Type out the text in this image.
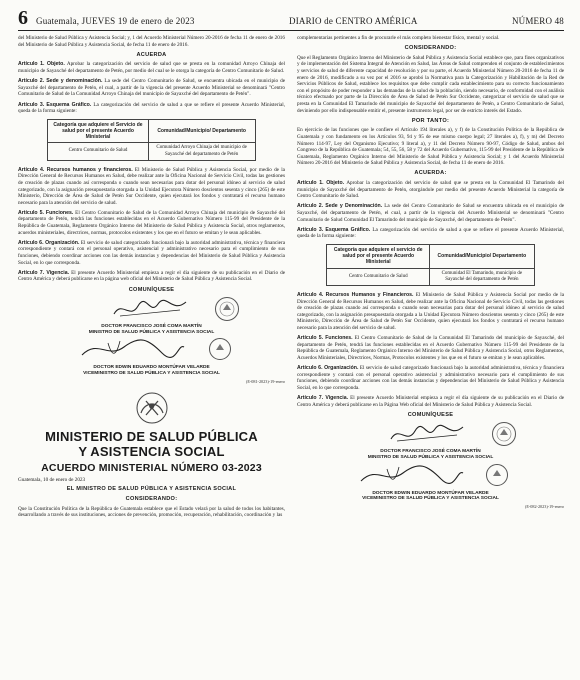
6 Guatemala, JUEVES 19 de enero de 2023	DIARIO de CENTRO AMÉRICA	NÚMERO 48

del Ministerio de Salud Pública y Asistencia Social; y, 1 del Acuerdo Ministerial Número 20-2016 de fecha 11 de enero de 2016 del Ministerio de Salud Pública y Asistencia Social, de fecha 11 de enero de 2016.

ACUERDA

Artículo 1. Objeto. Aprobar la categorización del servicio de salud que se presta en la comunidad Arroyo Chinaja del municipio de Sayaxché del departamento de Petén, por medio del cual se le otorga la categoría de Centro Comunitario de Salud.

Artículo 2. Sede y denominación. La sede del Centro Comunitario de Salud, se encuentra ubicada en el municipio de Sayaxché del departamento de Petén, el cual, a partir de la vigencia del presente Acuerdo Ministerial se denominará "Centro Comunitario de Salud de la Comunidad Arroyo Chinaja del municipio de Sayaxché del departamento de Petén".

Artículo 3. Esquema Gráfico. La categorización del servicio de salud a que se refiere el presente Acuerdo Ministerial, queda de la forma siguiente:

Categoría que adquiere el Servicio de salud por el presente Acuerdo Ministerial	Comunidad/Municipio/ Departamento
Centro Comunitario de Salud	Comunidad Arroyo Chinaja del municipio de Sayaxché del departamento de Petén

Artículo 4. Recursos humanos y financieros. El Ministerio de Salud Pública y Asistencia Social, por medio de la Dirección General de Recursos Humanos en Salud, debe realizar ante la Oficina Nacional de Servicio Civil, todas las gestiones de creación de plazas cuando así corresponda o cuando sean necesarias para dotar del personal idóneo al servicio de salud categorizado, con la asignación presupuestaria otorgada a la Unidad Ejecutora Número doscientos sesenta y cinco (265) de este Ministerio, Dirección de Área de Salud de Petén Sur Occidente, quien ejecutará los fondos y contratará el recurso humano necesario para la atención del servicio de salud.

Artículo 5. Funciones. El Centro Comunitario de Salud de la Comunidad Arroyo Chinaja del municipio de Sayaxché del departamento de Petén, tendrá las funciones establecidas en el Acuerdo Gubernativo Número 115-99 del Presidente de la República de Guatemala, Reglamento Orgánico Interno del Ministerio de Salud Pública y Asistencia Social, otros reglamentos, acuerdos ministeriales, directrices, normas, protocolos existentes y los que en el futuro se emitan y le sean aplicables.

Artículo 6. Organización. El servicio de salud categorizado funcionará bajo la autoridad administrativa, técnica y financiera correspondiente y contará con el personal operativo, asistencial y administrativo necesario para el cumplimiento de sus funciones, debiendo coordinar acciones con las demás instancias y dependencias del Ministerio de Salud Pública y Asistencia Social, en lo que corresponda.

Artículo 7. Vigencia. El presente Acuerdo Ministerial empieza a regir el día siguiente de su publicación en el Diario de Centro América y deberá publicarse en la página web oficial del Ministerio de Salud Pública y Asistencia Social.

COMUNÍQUESE
DOCTOR FRANCISCO JOSÉ COMA MARTÍN
MINISTRO DE SALUD PÚBLICA Y ASISTENCIA SOCIAL
DOCTOR EDWIN EDUARDO MONTÚFAR VELARDE
VICEMINISTRO DE SALUD PÚBLICA Y ASISTENCIA SOCIAL
(E-081-2023)-19-enero
MINISTERIO DE SALUD PÚBLICA
Y ASISTENCIA SOCIAL
ACUERDO MINISTERIAL NÚMERO 03-2023
Guatemala, 10 de enero de 2023
EL MINISTRO DE SALUD PÚBLICA Y ASISTENCIA SOCIAL
CONSIDERANDO:

Que la Constitución Política de la República de Guatemala establece que el Estado velará por la salud de todos los habitantes, desarrollando a través de sus instituciones, acciones de prevención, promoción, recuperación, rehabilitación, coordinación y las

complementarias pertinentes a fin de procurarle el más completo bienestar físico, mental y social.

CONSIDERANDO:

Que el Reglamento Orgánico Interno del Ministerio de Salud Pública y Asistencia Social establece que, para fines organizativos y de implementación del Sistema Integral de Atención en Salud, las Áreas de Salud comprenden el conjunto de establecimientos y servicios de salud de diferente capacidad de resolución y por su parte, el Acuerdo Ministerial Número 20-2016 de fecha 11 de enero de 2016, modificado a su vez por el 2016 se aprobó la Normativa para la Categorización y Habilitación de la Red de Servicios Públicos de Salud, establece los requisitos que debe cumplir cada establecimiento para su correcto funcionamiento con el propósito de poder responder a las demandas de la salud de la población, siendo necesario, de conformidad con el análisis técnico efectuado por parte de la Dirección de Área de Salud de Petén Sur Occidente, categorizar el servicio de salud que se presta en la Comunidad El Tamarindo del municipio de Sayaxché del departamento de Petén, a Centro Comunitario de Salud, deviniendo por ello indispensable emitir el, presente instrumento legal, por ser de estricto interés del Estado.

POR TANTO:

En ejercicio de las funciones que le confiere el Artículo 194 literales a), y f) de la Constitución Política de la República de Guatemala y con fundamento en los Artículos 93, 94 y 95 de ese mismo cuerpo legal; 27 literales a), f), y m) del Decreto Número 114-97, Ley del Organismo Ejecutivo; 9 literal a), y 11 del Decreto Número 90-97, Código de Salud, ambos del Congreso de la República de Guatemala; 54, 55, 56, 58 y 72 del Acuerdo Gubernativo, 115-99 del Presidente de la República de Guatemala, Reglamento Orgánico Interno del Ministerio de Salud Pública y Asistencia Social; y 1 del Acuerdo Ministerial Número 20-2016 del Ministerio de Salud Pública y Asistencia Social, de fecha 11 de enero de 2016.

ACUERDA:

Artículo 1. Objeto. Aprobar la categorización del servicio de salud que se presta en la Comunidad El Tamarindo del municipio de Sayaxché del departamento de Petén, otorgándole por medio del presente Acuerdo Ministerial la categoría de Centro Comunitario de Salud.

Artículo 2. Sede y Denominación. La sede del Centro Comunitario de Salud se encuentra ubicada en el municipio de Sayaxché, del departamento de Petén, el cual, a partir de la vigencia del Acuerdo Ministerial se denominará "Centro Comunitario de Salud Comunidad El Tamarindo del municipio de Sayaxché, del departamento de Petén".

Artículo 3. Esquema Gráfico. La categorización del servicio de salud a que se refiere el presente Acuerdo Ministerial, queda de la forma siguiente:

Categoría que adquiere el servicio de salud por el presente Acuerdo Ministerial	Comunidad/Municipio/ Departamento
Centro Comunitario de Salud	Comunidad El Tamarindo, municipio de Sayaxché del departamento de Petén

Artículo 4. Recursos Humanos y Financieros. El Ministerio de Salud Pública y Asistencia Social por medio de la Dirección General de Recursos Humanos en Salud, debe realizar ante la Oficina Nacional de Servicio Civil, todas las gestiones de creación de plazas cuando así corresponda o cuando sean necesarias para dotar del personal idóneo al servicio de salud categorizado, con la asignación presupuestaria otorgada a la Unidad Ejecutora Número doscientos sesenta y cinco (265) de este Ministerio, Dirección de Área de Salud de Petén Sur Occidente, quien ejecutará los fondos y contratará el recurso humano necesario para la atención del servicio de salud.

Artículo 5. Funciones. El Centro Comunitario de Salud de la Comunidad El Tamarindo del municipio de Sayaxché, del departamento de Petén, tendrá las funciones establecidas en el Acuerdo Gubernativo Número 115-99 del Presidente de la República de Guatemala, Reglamento Orgánico Interno del Ministerio de Salud Pública y Asistencia Social, otros Reglamentos, Acuerdos Ministeriales, Directrices, Normas, Protocolos existentes y los que en el futuro se emitan y le sean aplicables.

Artículo 6. Organización. El servicio de salud categorizado funcionará bajo la autoridad administrativa, técnica y financiera correspondiente y contará con el personal operativo asistencial y administrativo necesario para el cumplimiento de sus funciones, debiendo coordinar acciones con las demás instancias y dependencias del Ministerio de Salud Pública y Asistencia Social, en lo que corresponda.

Artículo 7. Vigencia. El presente Acuerdo Ministerial empieza a regir el día siguiente de su publicación en el Diario de Centro América y deberá publicarse en la Página Web oficial del Ministerio de Salud Pública y Asistencia Social.

COMUNÍQUESE
DOCTOR FRANCISCO JOSÉ COMA MARTÍN
MINISTRO DE SALUD PÚBLICA Y ASISTENCIA SOCIAL
DOCTOR EDWIN EDUARDO MONTÚFAR VELARDE
VICEMINISTRO DE SALUD PÚBLICA Y ASISTENCIA SOCIAL
(E-082-2023)-19-enero
